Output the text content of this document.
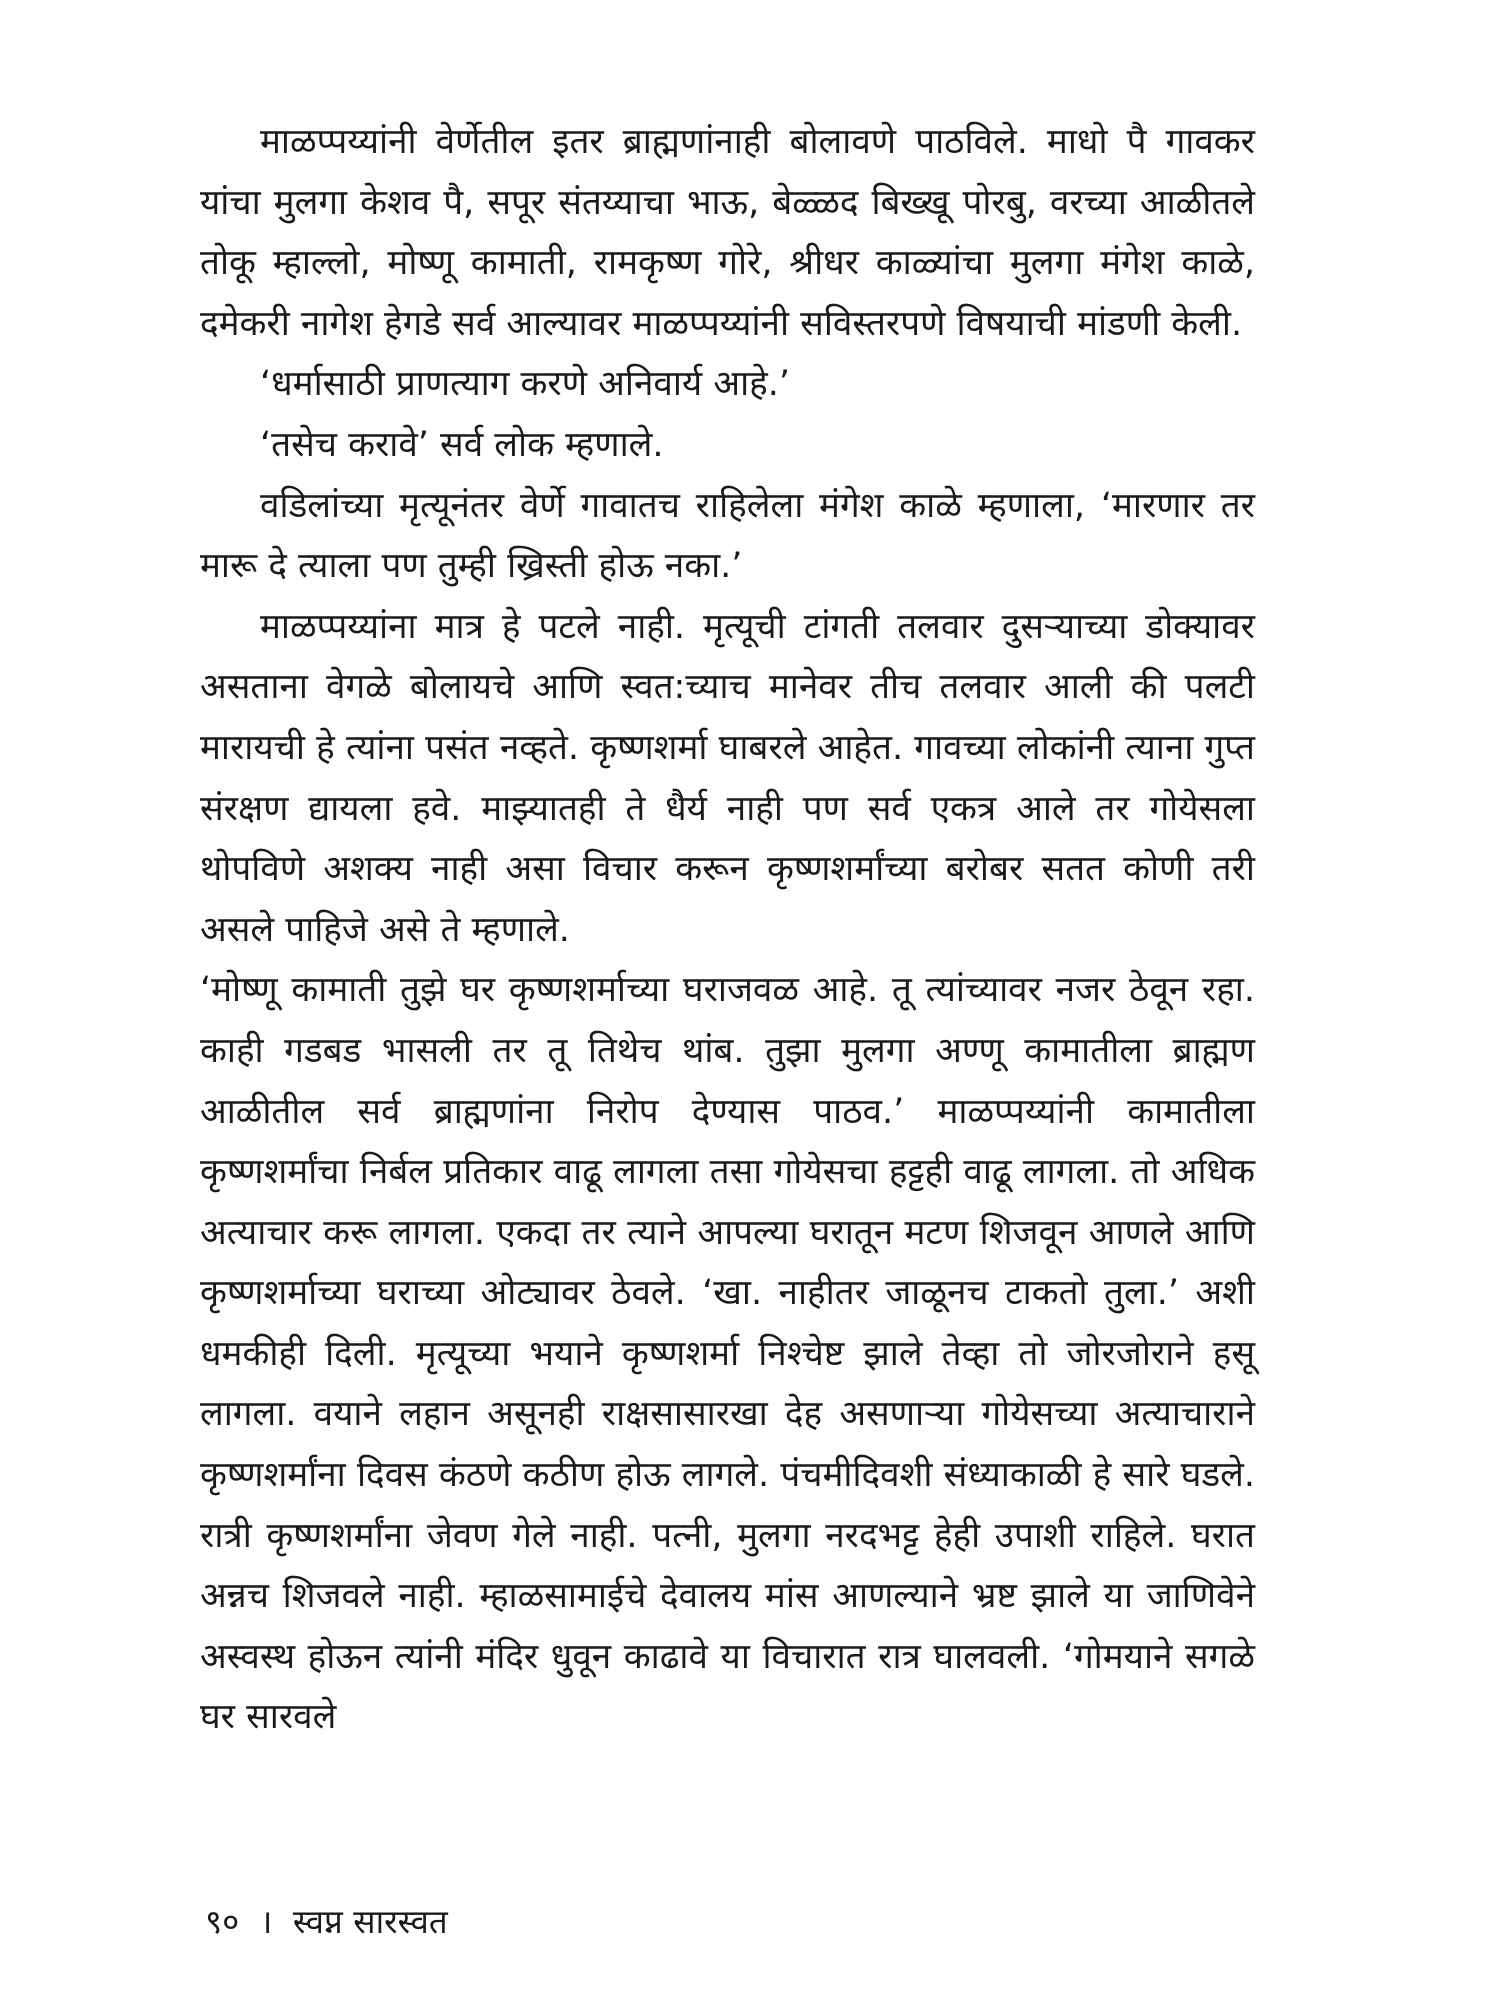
माळप्पय्यांनी वेर्णेतील इतर ब्राह्मणांनाही बोलावणे पाठविले. माधो पै गावकर यांचा मुलगा केशव पै, सपूर संतय्याचा भाऊ, बेळ्ळद बिख्खू पोरबु, वरच्या आळीतले तोकू म्हाल्लो, मोष्णू कामाती, रामकृष्ण गोरे, श्रीधर काळ्यांचा मुलगा मंगेश काळे, दमेकरी नागेश हेगडे सर्व आल्यावर माळप्पय्यांनी सविस्तरपणे विषयाची मांडणी केली.

‘धर्मासाठी प्राणत्याग करणे अनिवार्य आहे.’

‘तसेच करावे’ सर्व लोक म्हणाले.

वडिलांच्या मृत्यूनंतर वेर्णे गावातच राहिलेला मंगेश काळे म्हणाला, ‘मारणार तर मारू दे त्याला पण तुम्ही ख्रिस्ती होऊ नका.’

माळप्पय्यांना मात्र हे पटले नाही. मृत्यूची टांगती तलवार दुसऱ्याच्या डोक्यावर असताना वेगळे बोलायचे आणि स्वत:च्याच मानेवर तीच तलवार आली की पलटी मारायची हे त्यांना पसंत नव्हते. कृष्णशर्मा घाबरले आहेत. गावच्या लोकांनी त्याना गुप्त संरक्षण द्यायला हवे. माझ्यातही ते धैर्य नाही पण सर्व एकत्र आले तर गोयेसला थोपविणे अशक्य नाही असा विचार करून कृष्णशर्मांच्या बरोबर सतत कोणी तरी असले पाहिजे असे ते म्हणाले.

‘मोष्णू कामाती तुझे घर कृष्णशर्माच्या घराजवळ आहे. तू त्यांच्यावर नजर ठेवून रहा. काही गडबड भासली तर तू तिथेच थांब. तुझा मुलगा अण्णू कामातीला ब्राह्मण आळीतील सर्व ब्राह्मणांना निरोप देण्यास पाठव.’ माळप्पय्यांनी कामातीला कृष्णशर्मांचा निर्बल प्रतिकार वाढू लागला तसा गोयेसचा हट्टही वाढू लागला. तो अधिक अत्याचार करू लागला. एकदा तर त्याने आपल्या घरातून मटण शिजवून आणले आणि कृष्णशर्माच्या घराच्या ओट्यावर ठेवले. ‘खा. नाहीतर जाळूनच टाकतो तुला.’ अशी धमकीही दिली. मृत्यूच्या भयाने कृष्णशर्मा निश्चेष्ट झाले तेव्हा तो जोरजोराने हसू लागला. वयाने लहान असूनही राक्षसासारखा देह असणाऱ्या गोयेसच्या अत्याचाराने कृष्णशर्मांना दिवस कंठणे कठीण होऊ लागले. पंचमीदिवशी संध्याकाळी हे सारे घडले. रात्री कृष्णशर्मांना जेवण गेले नाही. पत्नी, मुलगा नरदभट्ट हेही उपाशी राहिले. घरात अन्नच शिजवले नाही. म्हाळसामाईचे देवालय मांस आणल्याने भ्रष्ट झाले या जाणिवेने अस्वस्थ होऊन त्यांनी मंदिर धुवून काढावे या विचारात रात्र घालवली. ‘गोमयाने सगळे घर सारवले

९० । स्वप्न सारस्वत
